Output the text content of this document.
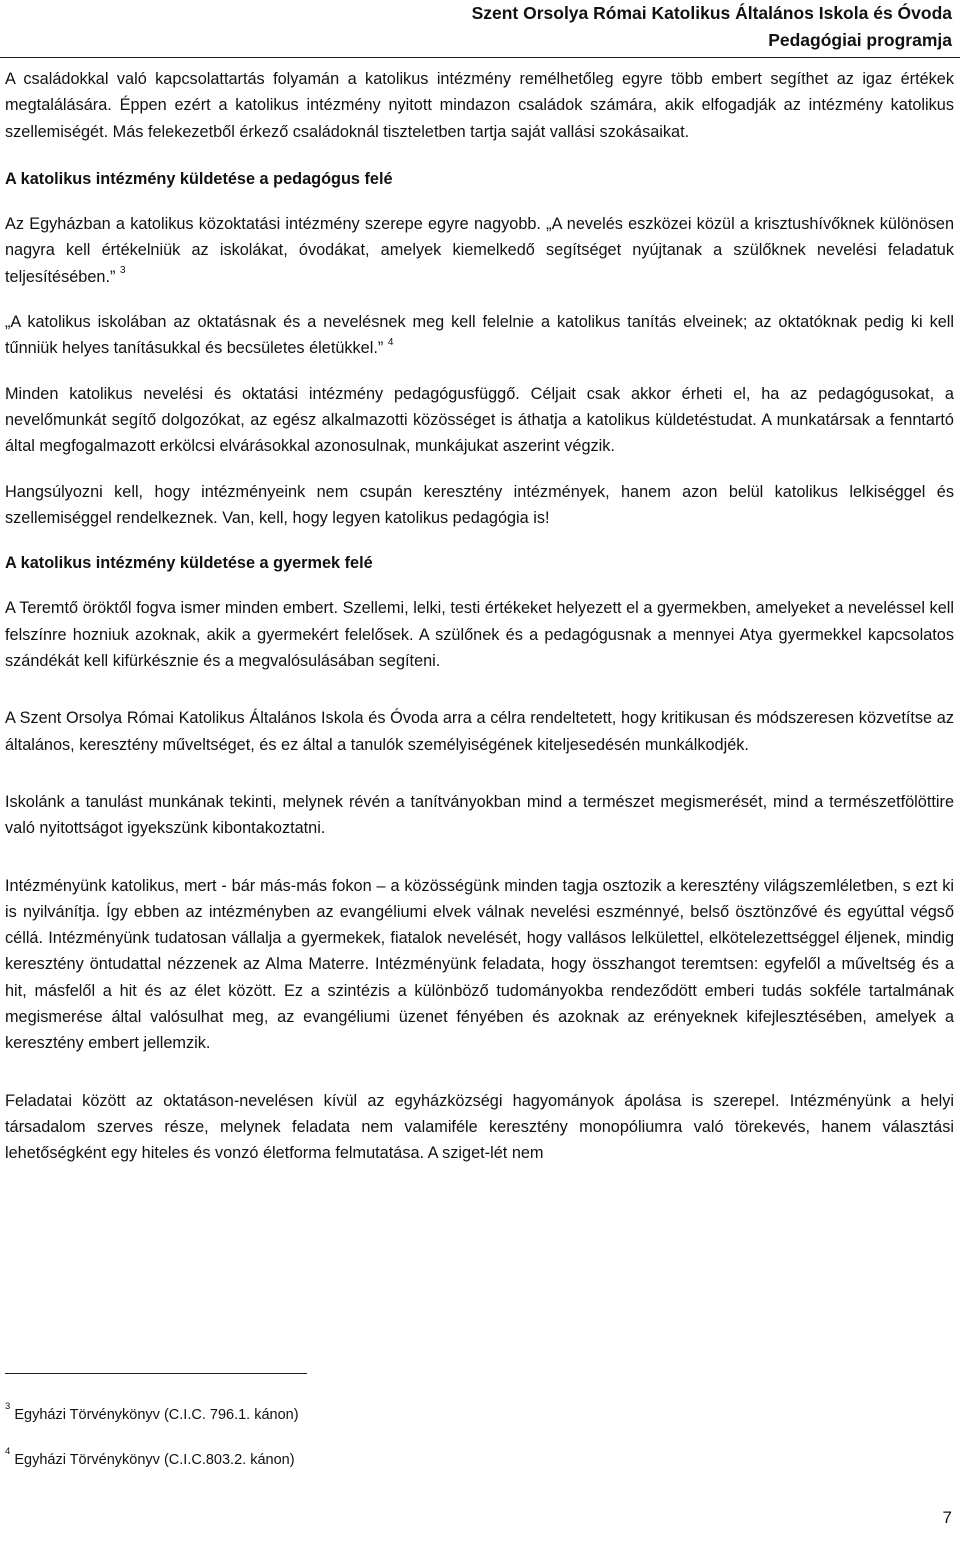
Szent Orsolya Római Katolikus Általános Iskola és Óvoda
Pedagógiai programja

A családokkal való kapcsolattartás folyamán a katolikus intézmény remélhetőleg egyre több embert segíthet az igaz értékek megtalálására. Éppen ezért a katolikus intézmény nyitott mindazon családok számára, akik elfogadják az intézmény katolikus szellemiségét. Más felekezetből érkező családoknál tiszteletben tartja saját vallási szokásaikat.

A katolikus intézmény küldetése a pedagógus felé

Az Egyházban a katolikus közoktatási intézmény szerepe egyre nagyobb. „A nevelés eszközei közül a krisztushívőknek különösen nagyra kell értékelniük az iskolákat, óvodákat, amelyek kiemelkedő segítséget nyújtanak a szülőknek nevelési feladatuk teljesítésében.” $^3$

„A katolikus iskolában az oktatásnak és a nevelésnek meg kell felelnie a katolikus tanítás elveinek; az oktatóknak pedig ki kell tűnniük helyes tanításukkal és becsületes életükkel.” $^4$

Minden katolikus nevelési és oktatási intézmény pedagógusfüggő. Céljait csak akkor érheti el, ha az pedagógusokat, a nevelőmunkát segítő dolgozókat, az egész alkalmazotti közösséget is áthatja a katolikus küldetéstudat. A munkatársak a fenntartó által megfogalmazott erkölcsi elvárásokkal azonosulnak, munkájukat aszerint végzik.

Hangsúlyozni kell, hogy intézményeink nem csupán keresztény intézmények, hanem azon belül katolikus lelkiséggel és szellemiséggel rendelkeznek. Van, kell, hogy legyen katolikus pedagógia is!

A katolikus intézmény küldetése a gyermek felé

A Teremtő öröktől fogva ismer minden embert. Szellemi, lelki, testi értékeket helyezett el a gyermekben, amelyeket a neveléssel kell felszínre hozniuk azoknak, akik a gyermekért felelősek. A szülőnek és a pedagógusnak a mennyei Atya gyermekkel kapcsolatos szándékát kell kifürkésznie és a megvalósulásában segíteni.

A Szent Orsolya Római Katolikus Általános Iskola és Óvoda arra a célra rendeltetett, hogy kritikusan és módszeresen közvetítse az általános, keresztény műveltséget, és ez által a tanulók személyiségének kiteljesedésén munkálkodjék.

Iskolánk a tanulást munkának tekinti, melynek révén a tanítványokban mind a természet megismerését, mind a természetfölöttire való nyitottságot igyekszünk kibontakoztatni.

Intézményünk katolikus, mert - bár más-más fokon – a közösségünk minden tagja osztozik a keresztény világszemléletben, s ezt ki is nyilvánítja. Így ebben az intézményben az evangéliumi elvek válnak nevelési eszménnyé, belső ösztönzővé és egyúttal végső céllá. Intézményünk tudatosan vállalja a gyermekek, fiatalok nevelését, hogy vallásos lelkülettel, elkötelezettséggel éljenek, mindig keresztény öntudattal nézzenek az Alma Materre. Intézményünk feladata, hogy összhangot teremtsen: egyfelől a műveltség és a hit, másfelől a hit és az élet között. Ez a szintézis a különböző tudományokba rendeződött emberi tudás sokféle tartalmának megismerése által valósulhat meg, az evangéliumi üzenet fényében és azoknak az erényeknek kifejlesztésében, amelyek a keresztény embert jellemzik.

Feladatai között az oktatáson-nevelésen kívül az egyházközségi hagyományok ápolása is szerepel. Intézményünk a helyi társadalom szerves része, melynek feladata nem valamiféle keresztény monopóliumra való törekevés, hanem választási lehetőségként egy hiteles és vonzó életforma felmutatása. A sziget-lét nem

$^3$ Egyházi Törvénykönyv (C.I.C. 796.1. kánon)
$^4$ Egyházi Törvénykönyv (C.I.C.803.2. kánon)
7
